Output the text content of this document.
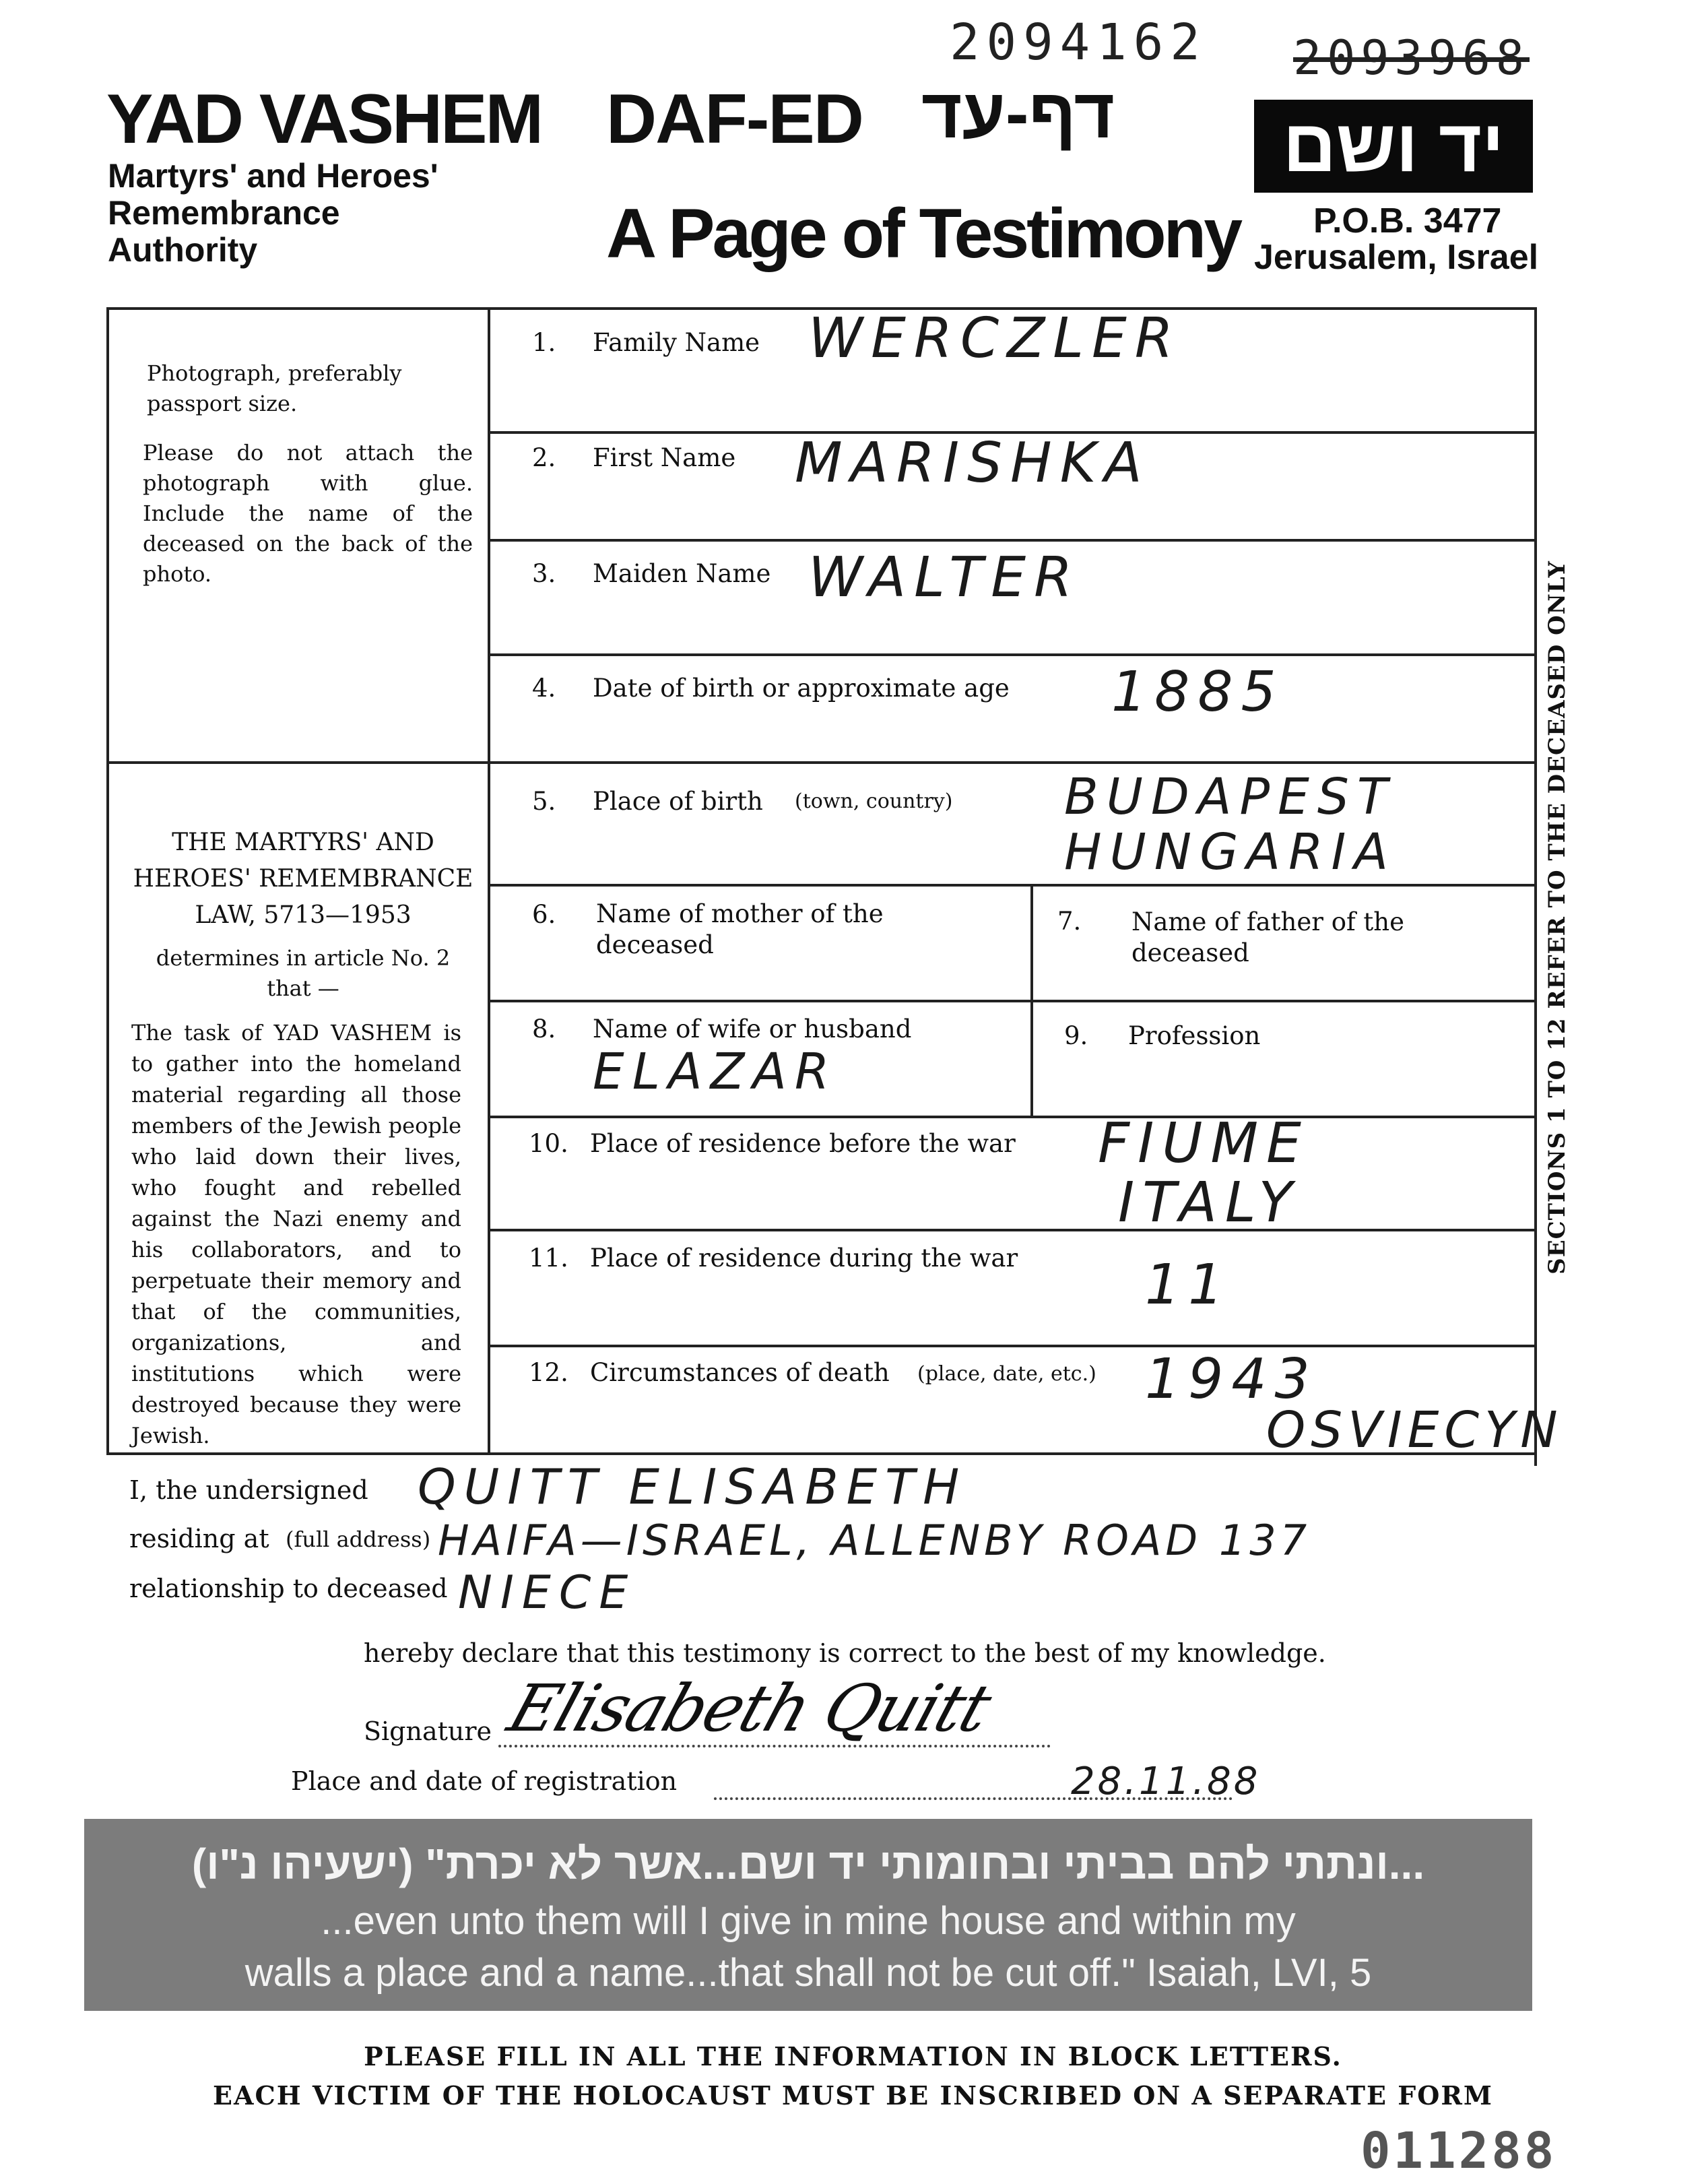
2094162 2093968
YAD VASHEM
Martyrs' and Heroes'
Remembrance
Authority
DAF-ED דף-עד
A Page of Testimony
יד ושם
P.O.B. 3477
Jerusalem, Israel
Photograph, preferably
passport size.
Please do not attach the photograph with glue. Include the name of the deceased on the back of the photo.
THE MARTYRS' AND
HEROES' REMEMBRANCE
LAW, 5713—1953
determines in article No. 2
that —
The task of YAD VASHEM is to gather into the homeland material regarding all those members of the Jewish people who laid down their lives, who fought and rebelled against the Nazi enemy and his collaborators, and to perpetuate their memory and that of the communities, organizations, and institutions which were destroyed because they were Jewish.
1. Family Name WERCZLER
2. First Name MARISHKA
3. Maiden Name WALTER
4. Date of birth or approximate age 1885
5. Place of birth (town, country) BUDAPEST
HUNGARIA
6. Name of mother of the
deceased
7. Name of father of the
deceased
8. Name of wife or husband
ELAZAR
9. Profession
10. Place of residence before the war FIUME
ITALY
11. Place of residence during the war 11
12. Circumstances of death (place, date, etc.) 1943
OSVIECYN
SECTIONS 1 TO 12 REFER TO THE DECEASED ONLY
I, the undersigned QUITT ELISABETH
residing at (full address) HAIFA—ISRAEL, ALLENBY ROAD 137
relationship to deceased NIECE
hereby declare that this testimony is correct to the best of my knowledge.
Signature Elisabeth Quitt
Place and date of registration	28.11.88
...ונתתי להם בביתי ובחומותי יד ושם...אשר לא יכרת" (ישעיהו נ"ו)
...even unto them will I give in mine house and within my
walls a place and a name...that shall not be cut off." Isaiah, LVI, 5
PLEASE FILL IN ALL THE INFORMATION IN BLOCK LETTERS.
EACH VICTIM OF THE HOLOCAUST MUST BE INSCRIBED ON A SEPARATE FORM
011288
